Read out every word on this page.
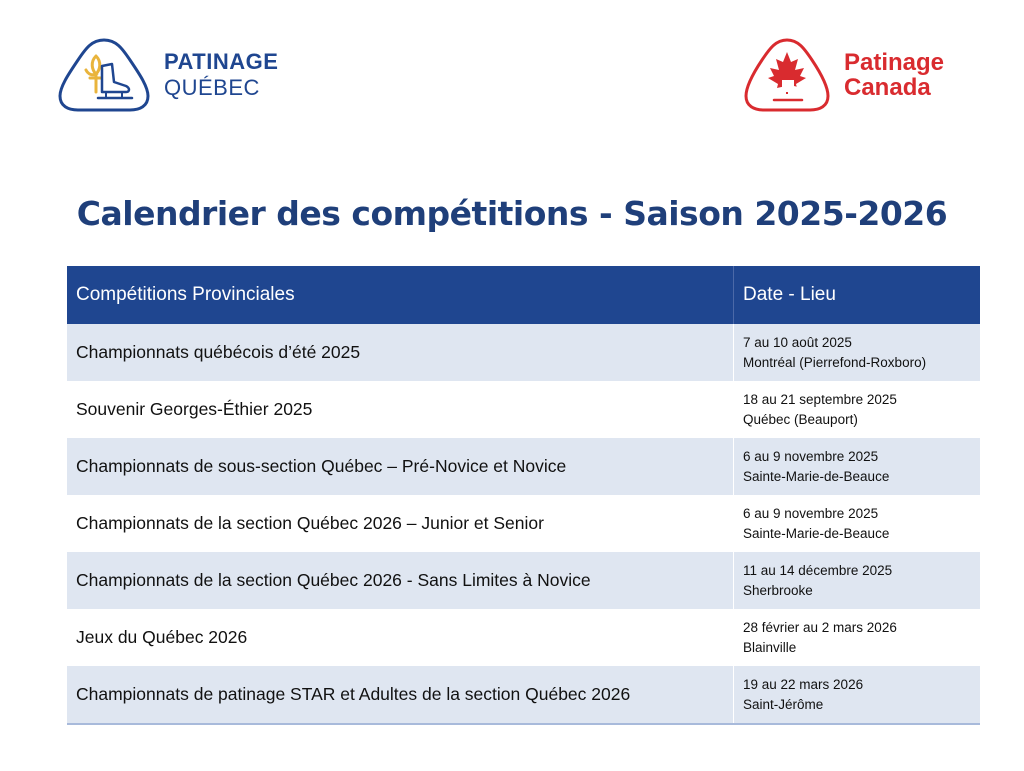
PATINAGE
QUÉBEC
Patinage
Canada
Calendrier des compétitions - Saison 2025-2026
Compétitions Provinciales	Date - Lieu
Championnats québécois d’été 2025	7 au 10 août 2025
Montréal (Pierrefond-Roxboro)

Souvenir Georges-Éthier 2025	18 au 21 septembre 2025
Québec (Beauport)

Championnats de sous-section Québec – Pré-Novice et Novice	6 au 9 novembre 2025
Sainte-Marie-de-Beauce

Championnats de la section Québec 2026 – Junior et Senior	6 au 9 novembre 2025
Sainte-Marie-de-Beauce

Championnats de la section Québec 2026 - Sans Limites à Novice	11 au 14 décembre 2025
Sherbrooke

Jeux du Québec 2026	28 février au 2 mars 2026
Blainville

Championnats de patinage STAR et Adultes de la section Québec 2026	19 au 22 mars 2026
Saint-Jérôme
